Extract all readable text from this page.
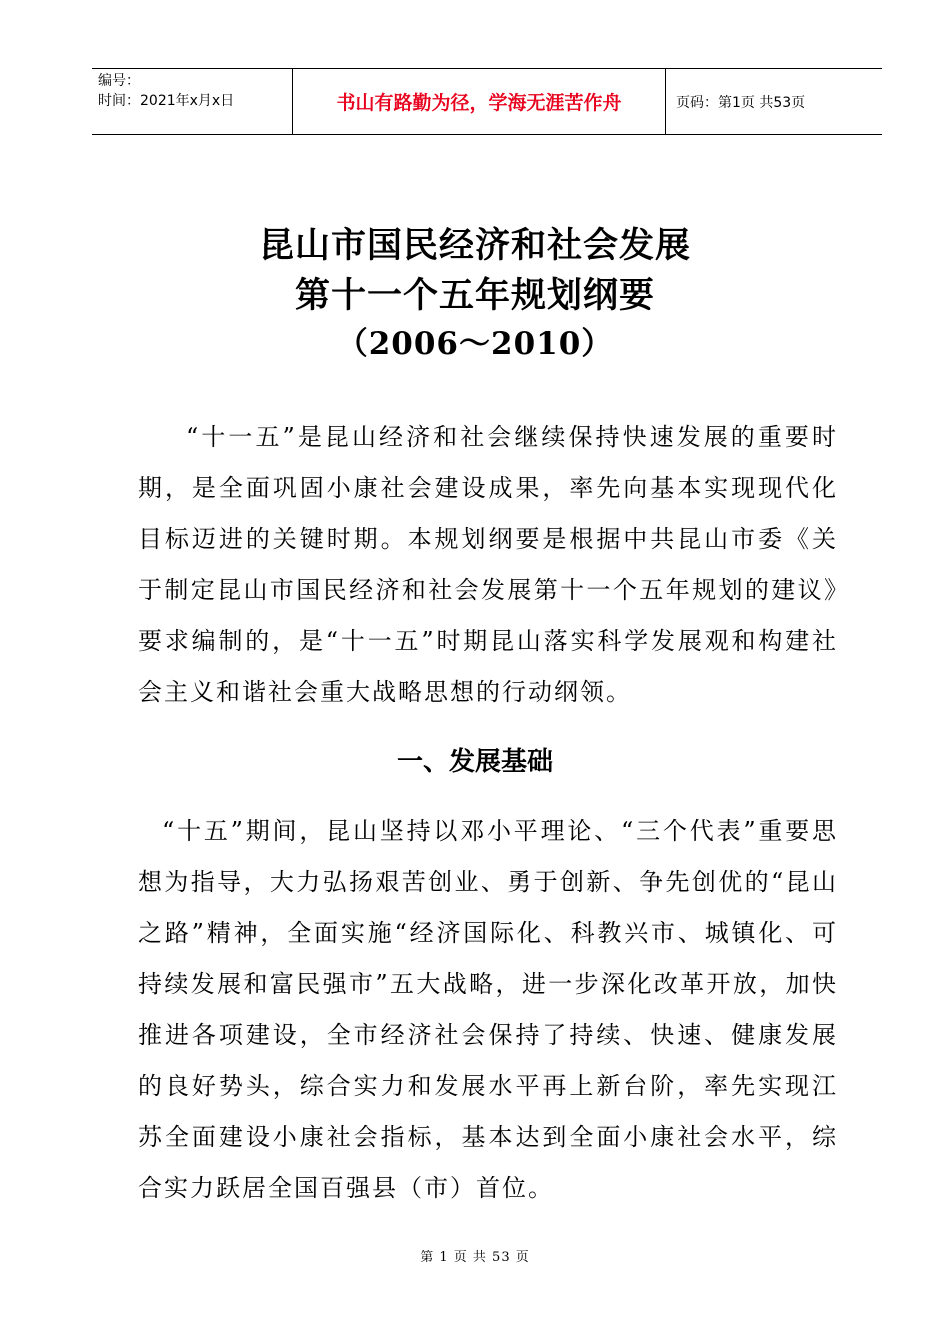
编号：
时间：2021年x月x日	书山有路勤为径，学海无涯苦作舟	页码：第1页 共53页
昆山市国民经济和社会发展
第十一个五年规划纲要
（2006～2010）
“十一五”是昆山经济和社会继续保持快速发展的重要时期，是全面巩固小康社会建设成果，率先向基本实现现代化目标迈进的关键时期。本规划纲要是根据中共昆山市委《关于制定昆山市国民经济和社会发展第十一个五年规划的建议》要求编制的，是“十一五”时期昆山落实科学发展观和构建社会主义和谐社会重大战略思想的行动纲领。
一、发展基础
“十五”期间，昆山坚持以邓小平理论、“三个代表”重要思想为指导，大力弘扬艰苦创业、勇于创新、争先创优的“昆山之路”精神，全面实施“经济国际化、科教兴市、城镇化、可持续发展和富民强市”五大战略，进一步深化改革开放，加快推进各项建设，全市经济社会保持了持续、快速、健康发展的良好势头，综合实力和发展水平再上新台阶，率先实现江苏全面建设小康社会指标，基本达到全面小康社会水平，综合实力跃居全国百强县（市）首位。
第 1 页 共 53 页
